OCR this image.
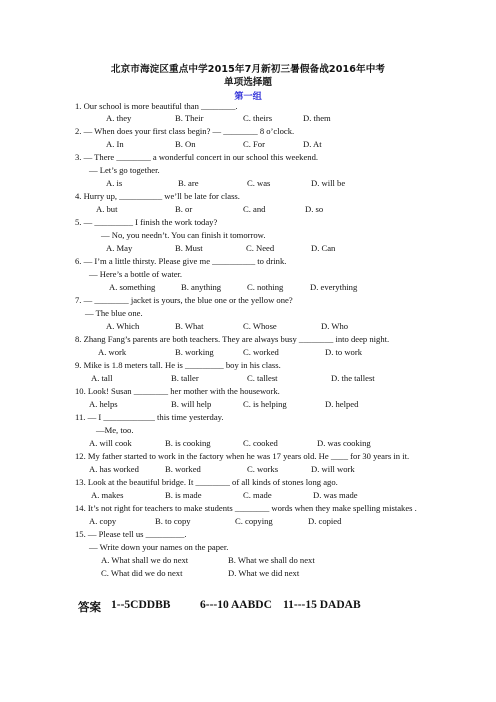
北京市海淀区重点中学2015年7月新初三暑假备战2016年中考
单项选择题
第一组
1. Our school is more beautiful than ________.
A. they	B. Their	C. theirs	D. them
2. ― When does your first class begin? ― ________ 8 o’clock.
A. In	B. On	C. For	D. At
3. ― There ________ a wonderful concert in our school this weekend.
― Let’s go together.
A. is	B. are	C. was	D. will be
4. Hurry up, __________ we’ll be late for class.
A. but	B. or	C. and	D. so
5. ― _________ I finish the work today?
― No, you needn’t. You can finish it tomorrow.
A. May	B. Must	C. Need	D. Can
6. ― I’m a little thirsty. Please give me __________ to drink.
― Here’s a bottle of water.
A. something	B. anything	C. nothing	D. everything
7. ― ________ jacket is yours, the blue one or the yellow one?
― The blue one.
A. Which	B. What	C. Whose	D. Who
8. Zhang Fang’s parents are both teachers. They are always busy ________ into deep night.
A. work	B. working	C. worked	D. to work
9. Mike is 1.8 meters tall. He is _________ boy in his class.
A. tall	B. taller	C. tallest	D. the tallest
10. Look! Susan ________ her mother with the housework.
A. helps	B. will help	C. is helping	D. helped
11. ― I ____________ this time yesterday.
―Me, too.
A. will cook	B. is cooking	C. cooked	D. was cooking
12. My father started to work in the factory when he was 17 years old. He ____ for 30 years in it.
A. has worked	B. worked	C. works	D. will work
13. Look at the beautiful bridge. It ________ of all kinds of stones long ago.
A. makes	B. is made	C. made	D. was made
14. It’s not right for teachers to make students ________ words when they make spelling mistakes .
A. copy	B. to copy	C. copying	D. copied
15. ― Please tell us _________.
― Write down your names on the paper.
A. What shall we do next	B. What we shall do next
C. What did we do next	D. What we did next
答案 1--5CDDBB	6---10 AABDC 11---15 DADAB
